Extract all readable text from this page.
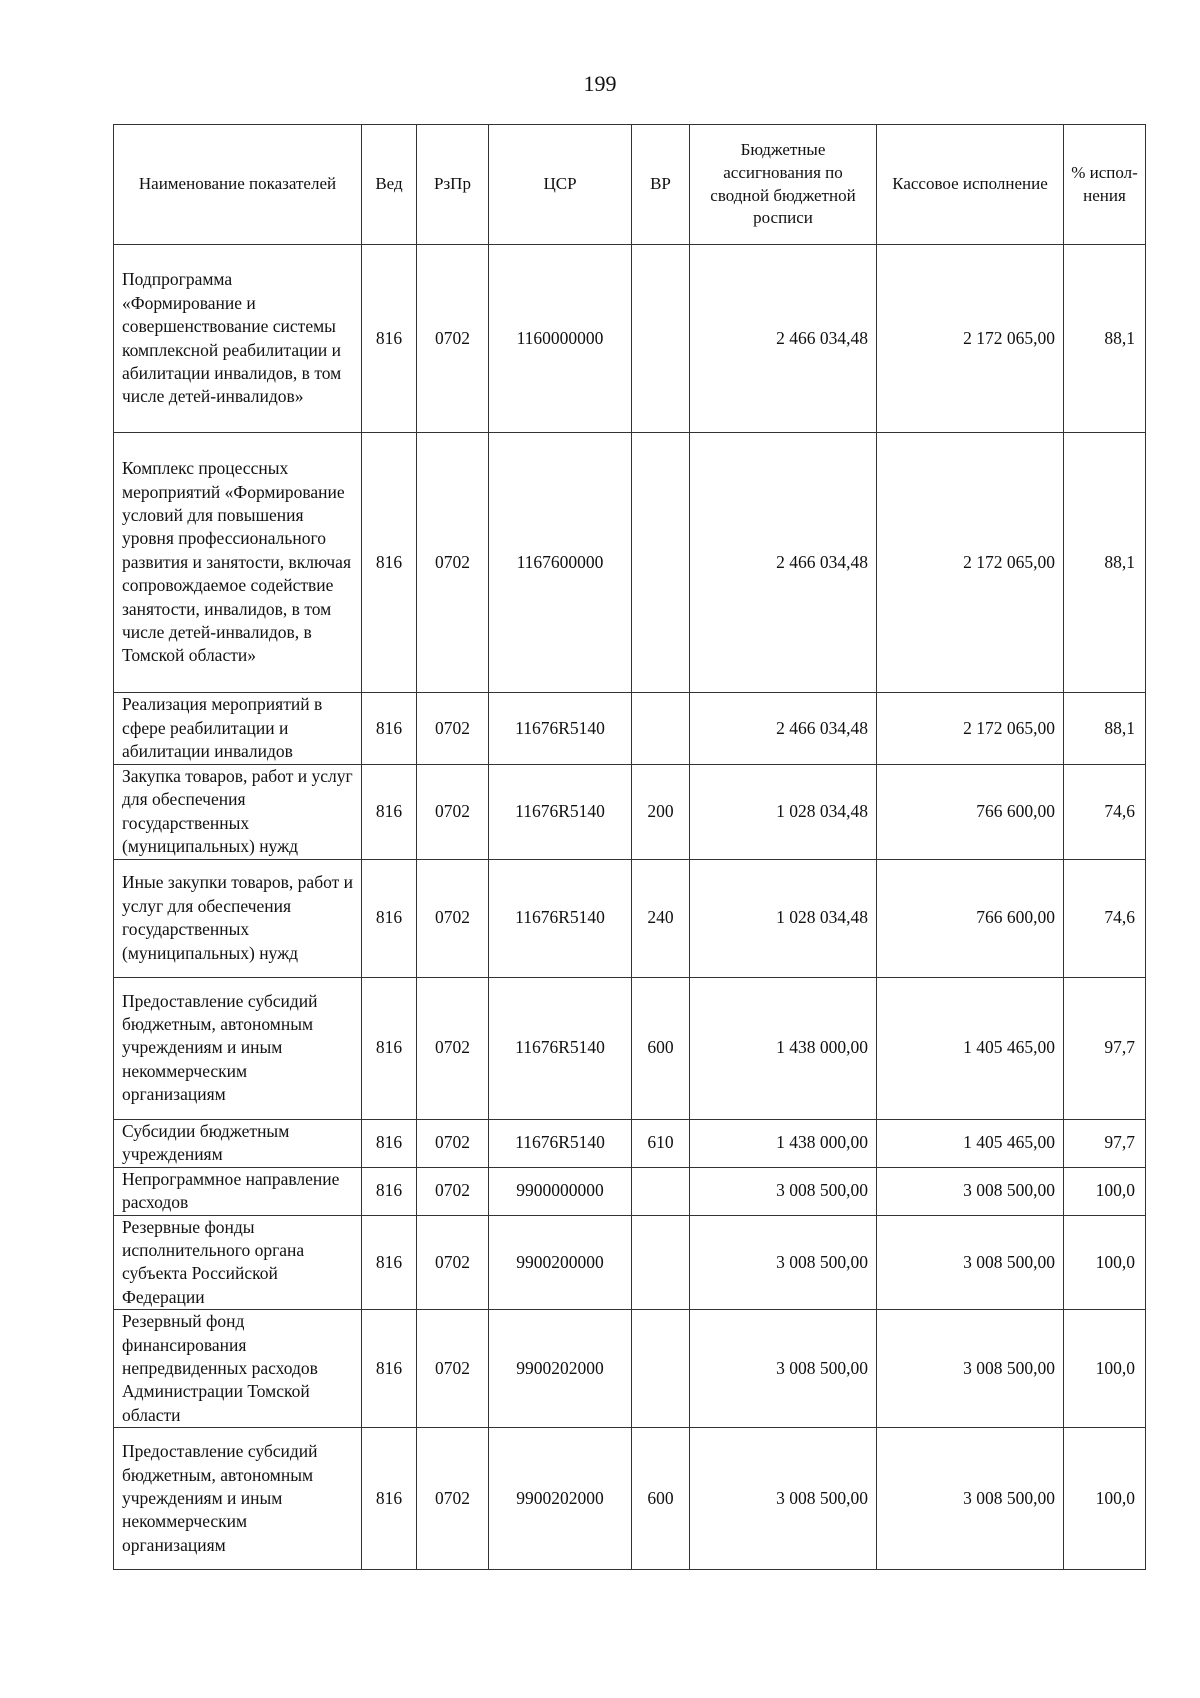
199
Наименование показателей	Вед	РзПр	ЦСР	ВР	Бюджетные ассигнования по сводной бюджетной росписи	Кассовое исполнение	% испол-нения
Подпрограмма «Формирование и совершенствование системы комплексной реабилитации и абилитации инвалидов, в том числе детей-инвалидов»	816	0702	1160000000		2 466 034,48	2 172 065,00	88,1
Комплекс процессных мероприятий «Формирование условий для повышения уровня профессионального развития и занятости, включая сопровождаемое содействие занятости, инвалидов, в том числе детей-инвалидов, в Томской области»	816	0702	1167600000		2 466 034,48	2 172 065,00	88,1
Реализация мероприятий в сфере реабилитации и абилитации инвалидов	816	0702	11676R5140		2 466 034,48	2 172 065,00	88,1
Закупка товаров, работ и услуг для обеспечения государственных (муниципальных) нужд	816	0702	11676R5140	200	1 028 034,48	766 600,00	74,6
Иные закупки товаров, работ и услуг для обеспечения государственных (муниципальных) нужд	816	0702	11676R5140	240	1 028 034,48	766 600,00	74,6
Предоставление субсидий бюджетным, автономным учреждениям и иным некоммерческим организациям	816	0702	11676R5140	600	1 438 000,00	1 405 465,00	97,7
Субсидии бюджетным учреждениям	816	0702	11676R5140	610	1 438 000,00	1 405 465,00	97,7
Непрограммное направление расходов	816	0702	9900000000		3 008 500,00	3 008 500,00	100,0
Резервные фонды исполнительного органа субъекта Российской Федерации	816	0702	9900200000		3 008 500,00	3 008 500,00	100,0
Резервный фонд финансирования непредвиденных расходов Администрации Томской области	816	0702	9900202000		3 008 500,00	3 008 500,00	100,0
Предоставление субсидий бюджетным, автономным учреждениям и иным некоммерческим организациям	816	0702	9900202000	600	3 008 500,00	3 008 500,00	100,0
